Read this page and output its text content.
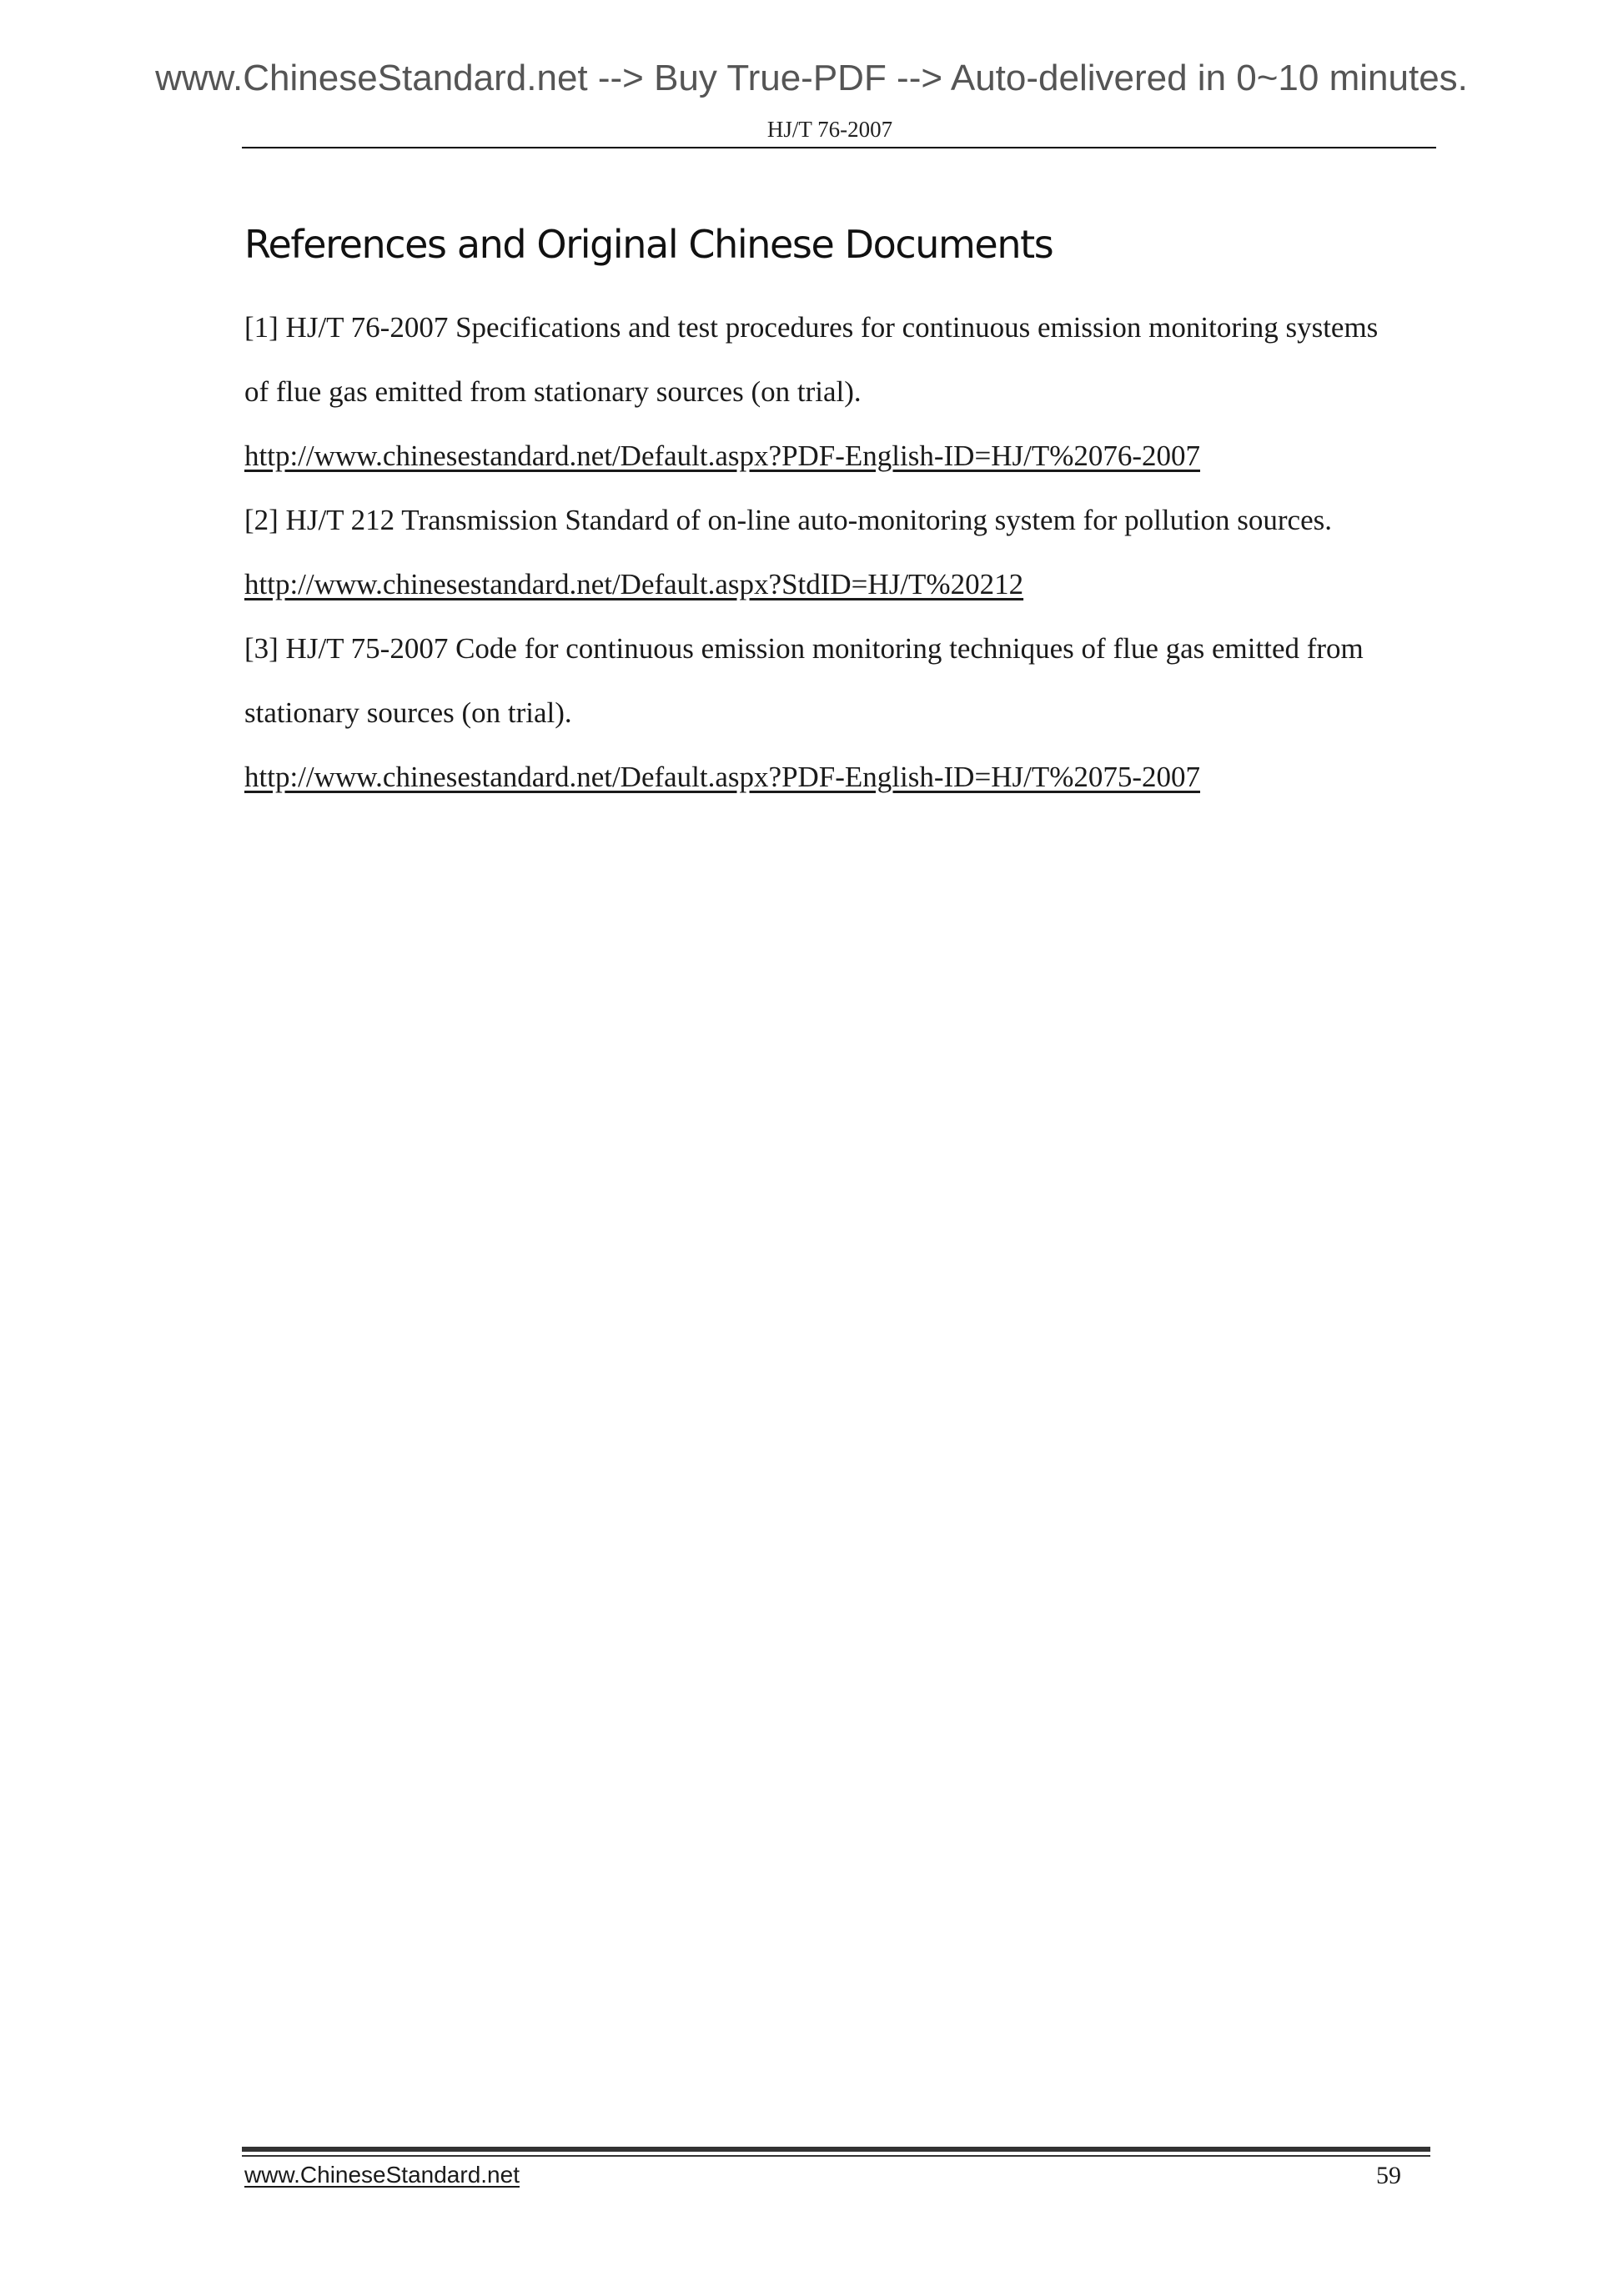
www.ChineseStandard.net --> Buy True-PDF --> Auto-delivered in 0~10 minutes.
HJ/T 76-2007
References and Original Chinese Documents
[1] HJ/T 76-2007 Specifications and test procedures for continuous emission monitoring systems
of flue gas emitted from stationary sources (on trial).
http://www.chinesestandard.net/Default.aspx?PDF-English-ID=HJ/T%2076-2007
[2] HJ/T 212 Transmission Standard of on-line auto-monitoring system for pollution sources.
http://www.chinesestandard.net/Default.aspx?StdID=HJ/T%20212
[3] HJ/T 75-2007 Code for continuous emission monitoring techniques of flue gas emitted from
stationary sources (on trial).
http://www.chinesestandard.net/Default.aspx?PDF-English-ID=HJ/T%2075-2007
www.ChineseStandard.net	59
